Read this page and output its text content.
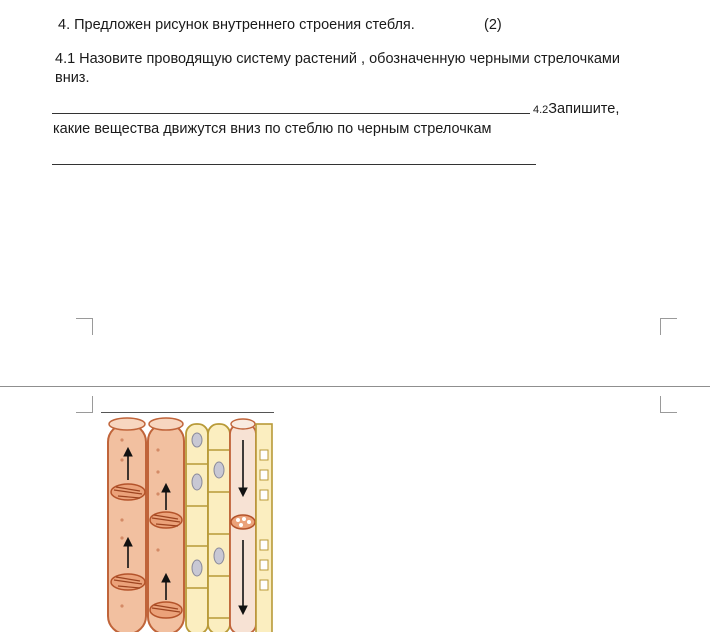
4. Предложен рисунок внутреннего строения стебля.	(2)
4.1 Назовите проводящую систему растений , обозначенную черными стрелочками
вниз.
4.2Запишите,
какие вещества движутся вниз по стеблю по черным стрелочкам
